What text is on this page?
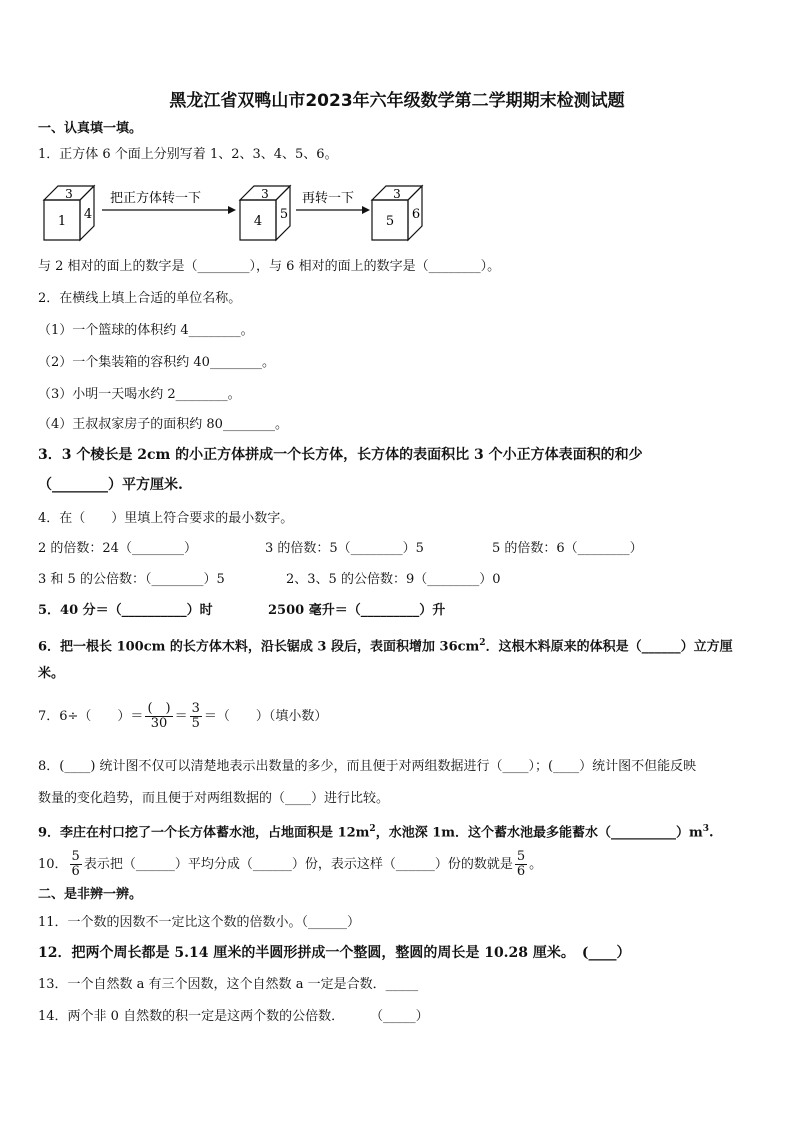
黑龙江省双鸭山市2023年六年级数学第二学期期末检测试题
一、认真填一填。
1．正方体 6 个面上分别写着 1、2、3、4、5、6。
3
1 4
把正方体转一下	3
4 5
再转一下	3
5 6
与 2 相对的面上的数字是（________），与 6 相对的面上的数字是（________）。
2．在横线上填上合适的单位名称。
（1）一个篮球的体积约 4________。
（2）一个集装箱的容积约 40________。
（3）小明一天喝水约 2________。
（4）王叔叔家房子的面积约 80________。
3．3 个棱长是 2cm 的小正方体拼成一个长方体，长方体的表面积比 3 个小正方体表面积的和少
（________）平方厘米.
4．在（　　）里填上符合要求的最小数字。
2 的倍数：24（________）	3 的倍数：5（________）5	5 的倍数：6（________）
3 和 5 的公倍数：（________）5	2、3、5 的公倍数：9（________）0
5．40 分＝（__________）时	2500 毫升＝（_________）升
6．把一根长 100cm 的长方体木料，沿长锯成 3 段后，表面积增加 $36cm^2$．这根木料原来的体积是（______）立方厘
米。
7．6÷（　　）＝ $\frac{( )}{30} = \frac{3}{5}$ ＝（　　）（填小数）
8．(____) 统计图不仅可以清楚地表示出数量的多少，而且便于对两组数据进行（____）；(____）统计图不但能反映
数量的变化趋势，而且便于对两组数据的（____）进行比较。
9．李庄在村口挖了一个长方体蓄水池，占地面积是 $12m^2$，水池深 1m．这个蓄水池最多能蓄水$(\_\_\_\_\_\_\_\_\_\_)m^3$.
10． $\frac{5}{6}$ 表示把（______）平均分成（______）份，表示这样（______）份的数就是 $\frac{5}{6}$ 。
二、是非辨一辨。
11．一个数的因数不一定比这个数的倍数小。（______）
12．把两个周长都是 5.14 厘米的半圆形拼成一个整圆，整圆的周长是 10.28 厘米。　(____）
13．一个自然数 a 有三个因数，这个自然数 a 一定是合数．_____
14．两个非 0 自然数的积一定是这两个数的公倍数．　　　（_____）
